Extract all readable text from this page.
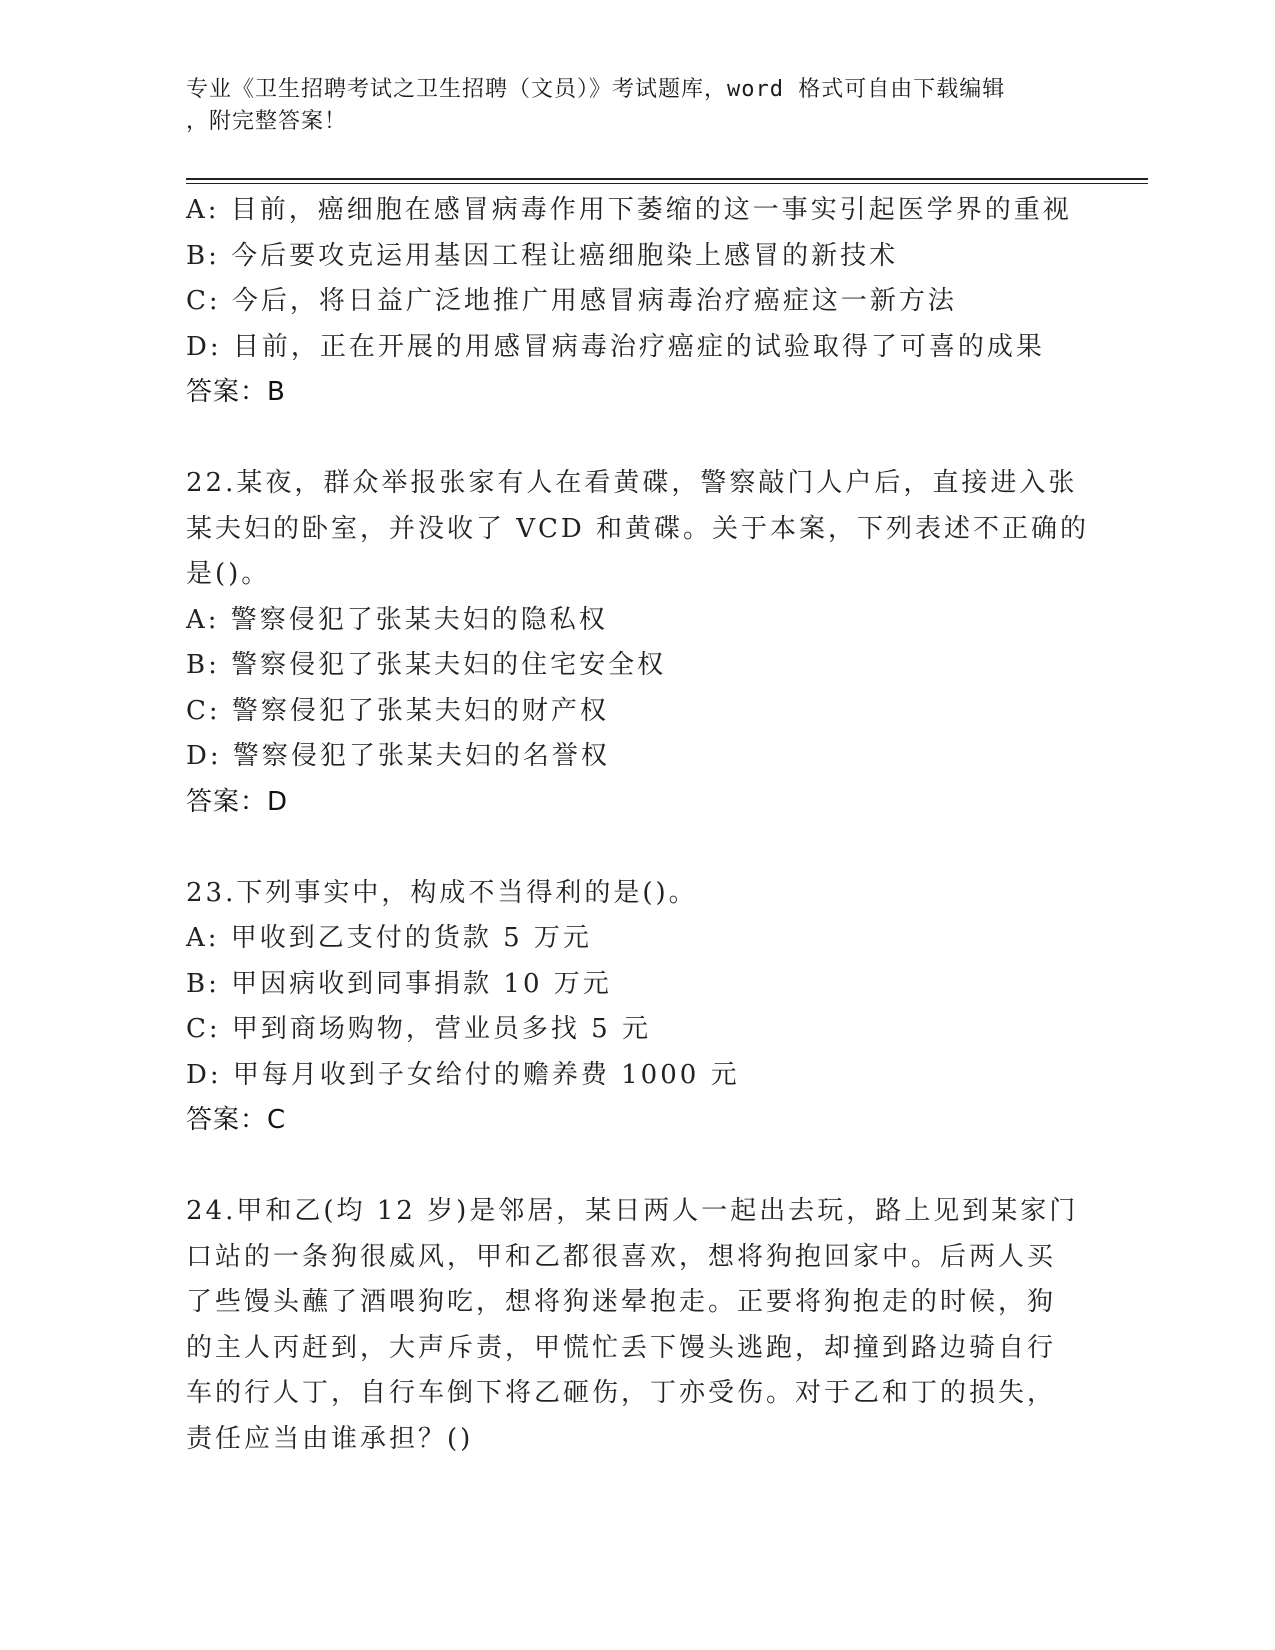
专业《卫生招聘考试之卫生招聘（文员）》考试题库，word 格式可自由下载编辑
，附完整答案！
A: 目前，癌细胞在感冒病毒作用下萎缩的这一事实引起医学界的重视
B: 今后要攻克运用基因工程让癌细胞染上感冒的新技术
C: 今后，将日益广泛地推广用感冒病毒治疗癌症这一新方法
D: 目前，正在开展的用感冒病毒治疗癌症的试验取得了可喜的成果
答案：B
22.某夜，群众举报张家有人在看黄碟，警察敲门人户后，直接进入张
某夫妇的卧室，并没收了 VCD 和黄碟。关于本案，下列表述不正确的
是()。
A: 警察侵犯了张某夫妇的隐私权
B: 警察侵犯了张某夫妇的住宅安全权
C: 警察侵犯了张某夫妇的财产权
D: 警察侵犯了张某夫妇的名誉权
答案：D
23.下列事实中，构成不当得利的是()。
A: 甲收到乙支付的货款 5 万元
B: 甲因病收到同事捐款 10 万元
C: 甲到商场购物，营业员多找 5 元
D: 甲每月收到子女给付的赡养费 1000 元
答案：C
24.甲和乙(均 12 岁)是邻居，某日两人一起出去玩，路上见到某家门
口站的一条狗很威风，甲和乙都很喜欢，想将狗抱回家中。后两人买
了些馒头蘸了酒喂狗吃，想将狗迷晕抱走。正要将狗抱走的时候，狗
的主人丙赶到，大声斥责，甲慌忙丢下馒头逃跑，却撞到路边骑自行
车的行人丁，自行车倒下将乙砸伤，丁亦受伤。对于乙和丁的损失，
责任应当由谁承担？()
